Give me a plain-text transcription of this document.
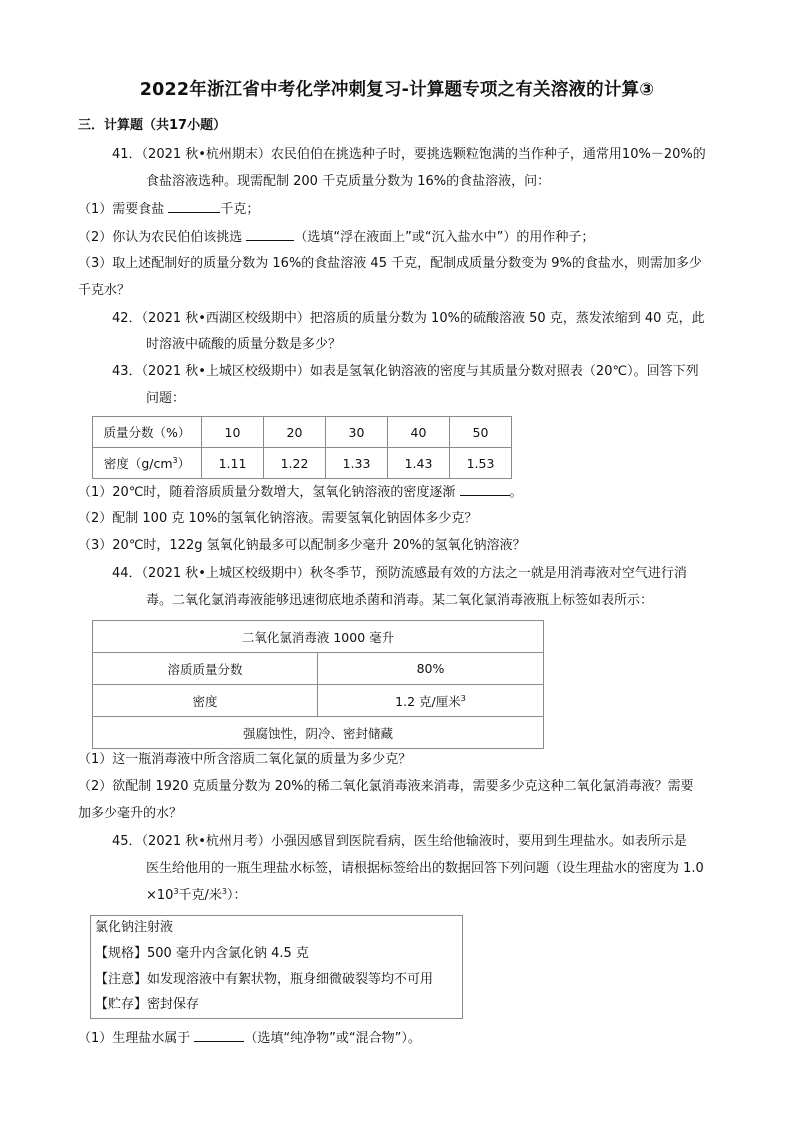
2022年浙江省中考化学冲刺复习-计算题专项之有关溶液的计算③
三．计算题（共17小题）
41．（2021 秋•杭州期末）农民伯伯在挑选种子时，要挑选颗粒饱满的当作种子，通常用10%－20%的
食盐溶液选种。现需配制 200 千克质量分数为 16%的食盐溶液，问：
（1）需要食盐	千克；
（2）你认为农民伯伯该挑选	（选填“浮在液面上”或“沉入盐水中”）的用作种子；
（3）取上述配制好的质量分数为 16%的食盐溶液 45 千克，配制成质量分数变为 9%的食盐水，则需加多少
千克水？
42．（2021 秋•西湖区校级期中）把溶质的质量分数为 10%的硫酸溶液 50 克，蒸发浓缩到 40 克，此
时溶液中硫酸的质量分数是多少？
43．（2021 秋•上城区校级期中）如表是氢氧化钠溶液的密度与其质量分数对照表（20℃）。回答下列
问题：
质量分数（%）	10	20	30	40	50
密度$(g/cm^3)$	1.11	1.22	1.33	1.43	1.53
（1）20℃时，随着溶质质量分数增大，氢氧化钠溶液的密度逐渐	。
（2）配制 100 克 10%的氢氧化钠溶液。需要氢氧化钠固体多少克？
（3）20℃时，122g 氢氧化钠最多可以配制多少毫升 20%的氢氧化钠溶液？
44．（2021 秋•上城区校级期中）秋冬季节，预防流感最有效的方法之一就是用消毒液对空气进行消
毒。二氧化氯消毒液能够迅速彻底地杀菌和消毒。某二氧化氯消毒液瓶上标签如表所示：
二氧化氯消毒液 1000 毫升	
溶质质量分数	80%
密度	1.2 克/厘米$^3$
强腐蚀性，阴冷、密封储藏	
（1）这一瓶消毒液中所含溶质二氧化氯的质量为多少克？
（2）欲配制 1920 克质量分数为 20%的稀二氧化氯消毒液来消毒，需要多少克这种二氧化氯消毒液？需要
加多少毫升的水？
45．（2021 秋•杭州月考）小强因感冒到医院看病，医生给他输液时，要用到生理盐水。如表所示是
医生给他用的一瓶生理盐水标签，请根据标签给出的数据回答下列问题（设生理盐水的密度为 1.0
$\times 10^3$千克/米$^3$）：
氯化钠注射液
【规格】500 毫升内含氯化钠 4.5 克
【注意】如发现溶液中有絮状物，瓶身细微破裂等均不可用
【贮存】密封保存
（1）生理盐水属于	（选填“纯净物”或“混合物”）。
